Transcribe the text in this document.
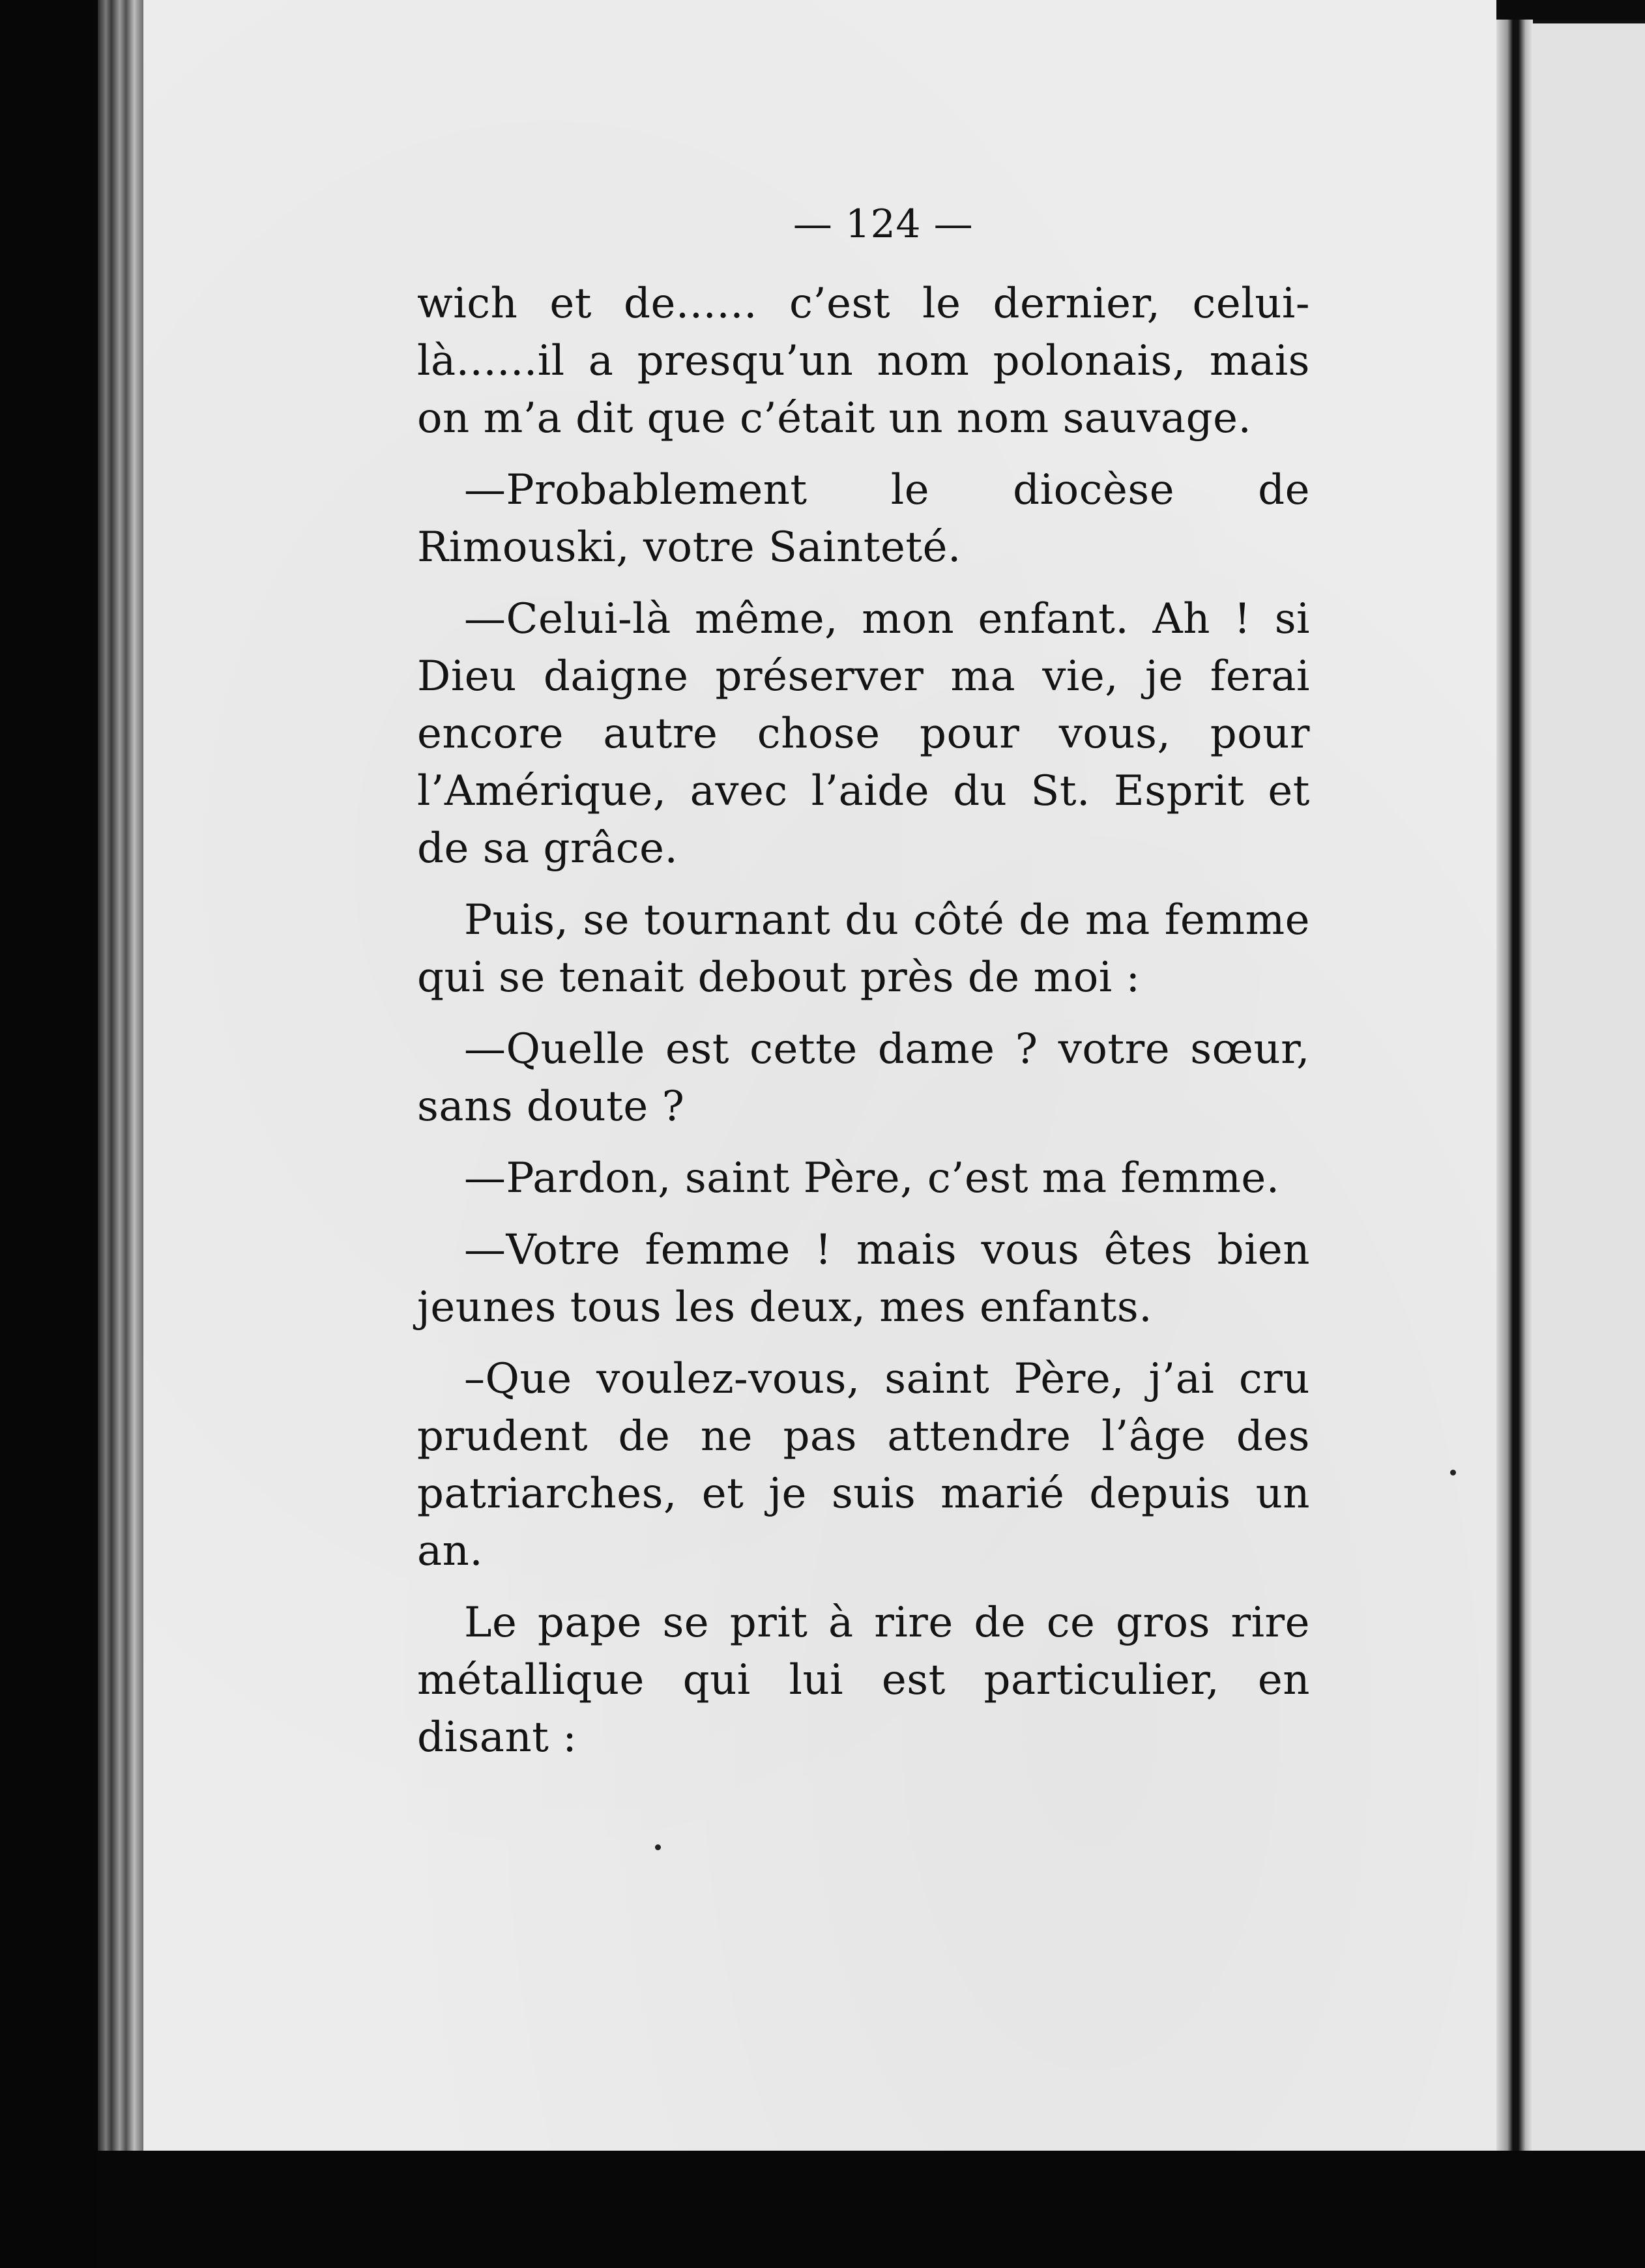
— 124 —

wich et de...... c’est le dernier, celui-là......il a presqu’un nom polonais, mais on m’a dit que c’était un nom sauvage.

—Probablement le diocèse de Rimouski, votre Sainteté.

—Celui-là même, mon enfant. Ah ! si Dieu daigne préserver ma vie, je ferai encore autre chose pour vous, pour l’Amérique, avec l’aide du St. Esprit et de sa grâce.

Puis, se tournant du côté de ma femme qui se tenait debout près de moi :

—Quelle est cette dame ? votre sœur, sans doute ?

—Pardon, saint Père, c’est ma femme.

—Votre femme ! mais vous êtes bien jeunes tous les deux, mes enfants.

–Que voulez-vous, saint Père, j’ai cru prudent de ne pas attendre l’âge des patriarches, et je suis marié depuis un an.

Le pape se prit à rire de ce gros rire métallique qui lui est particulier, en disant :
